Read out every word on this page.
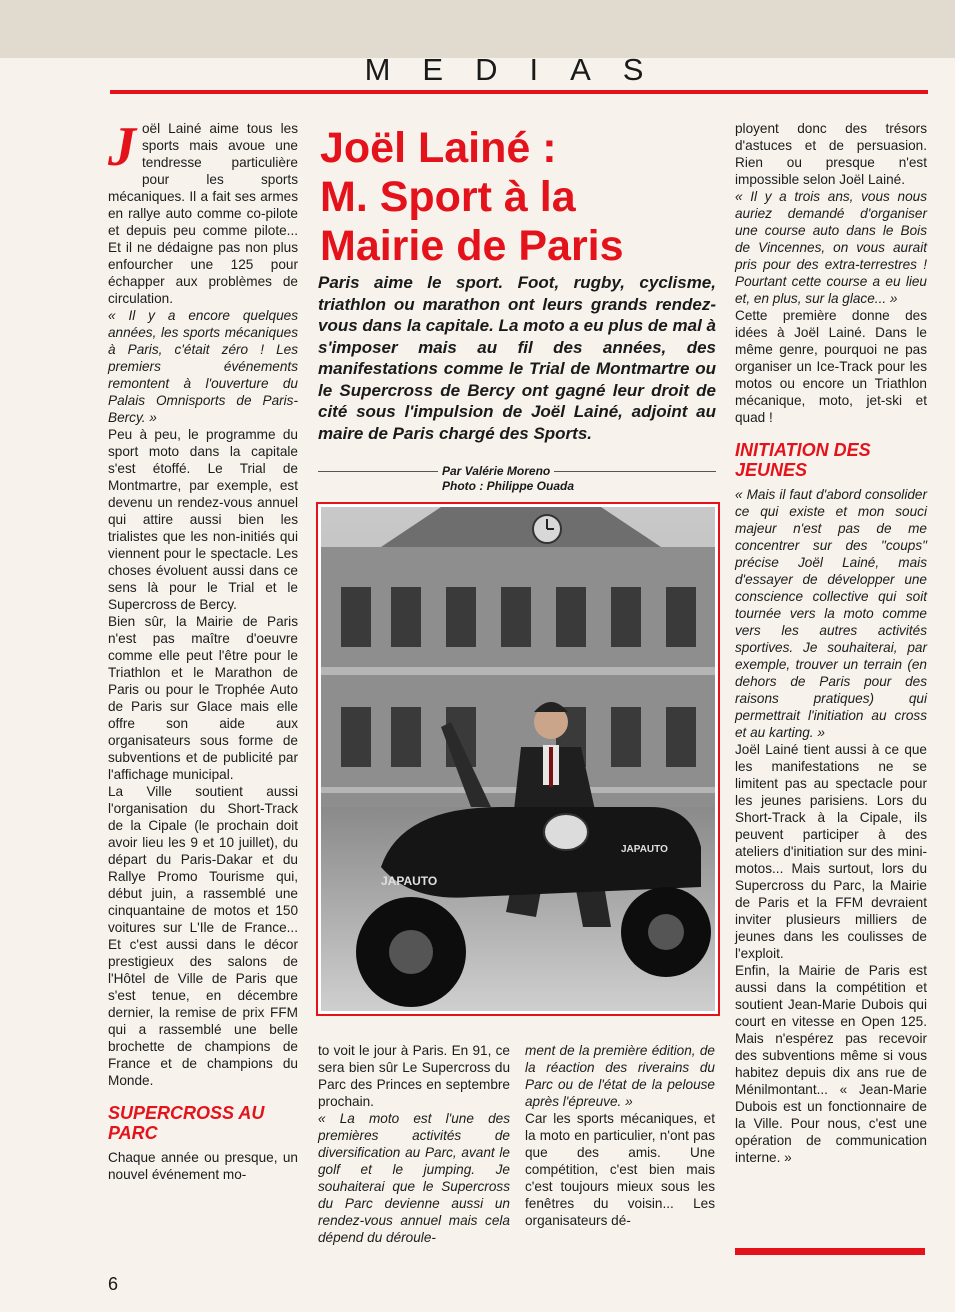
MEDIAS

Joël Lainé aime tous les sports mais avoue une tendresse particulière pour les sports mécaniques. Il a fait ses armes en rallye auto comme co-pilote et depuis peu comme pilote... Et il ne dédaigne pas non plus enfourcher une 125 pour échapper aux problèmes de circulation.

« Il y a encore quelques années, les sports mécaniques à Paris, c'était zéro ! Les premiers événements remontent à l'ouverture du Palais Omnisports de Paris-Bercy. »

Peu à peu, le programme du sport moto dans la capitale s'est étoffé. Le Trial de Montmartre, par exemple, est devenu un rendez-vous annuel qui attire aussi bien les trialistes que les non-initiés qui viennent pour le spectacle. Les choses évoluent aussi dans ce sens là pour le Trial et le Supercross de Bercy.

Bien sûr, la Mairie de Paris n'est pas maître d'oeuvre comme elle peut l'être pour le Triathlon et le Marathon de Paris ou pour le Trophée Auto de Paris sur Glace mais elle offre son aide aux organisateurs sous forme de subventions et de publicité par l'affichage municipal.

La Ville soutient aussi l'organisation du Short-Track de la Cipale (le prochain doit avoir lieu les 9 et 10 juillet), du départ du Paris-Dakar et du Rallye Promo Tourisme qui, début juin, a rassemblé une cinquantaine de motos et 150 voitures sur L'Ile de France... Et c'est aussi dans le décor prestigieux des salons de l'Hôtel de Ville de Paris que s'est tenue, en décembre dernier, la remise de prix FFM qui a rassemblé une belle brochette de champions de France et de champions du Monde.

SUPERCROSS AU PARC

Chaque année ou presque, un nouvel événement mo-

Joël Lainé :
M. Sport à la
Mairie de Paris
Paris aime le sport. Foot, rugby, cyclisme, triathlon ou marathon ont leurs grands rendez-vous dans la capitale. La moto a eu plus de mal à s'imposer mais au fil des années, des manifestations comme le Trial de Montmartre ou le Supercross de Bercy ont gagné leur droit de cité sous l'impulsion de Joël Lainé, adjoint au maire de Paris chargé des Sports.
Par Valérie Moreno
Photo : Philippe Ouada
JAPAUTO
JAPAUTO

to voit le jour à Paris. En 91, ce sera bien sûr Le Supercross du Parc des Princes en septembre prochain.

« La moto est l'une des premières activités de diversification au Parc, avant le golf et le jumping. Je souhaiterai que le Supercross du Parc devienne aussi un rendez-vous annuel mais cela dépend du déroule-

ment de la première édition, de la réaction des riverains du Parc ou de l'état de la pelouse après l'épreuve. »

Car les sports mécaniques, et la moto en particulier, n'ont pas que des amis. Une compétition, c'est bien mais c'est toujours mieux sous les fenêtres du voisin... Les organisateurs dé-

ployent donc des trésors d'astuces et de persuasion. Rien ou presque n'est impossible selon Joël Lainé.

« Il y a trois ans, vous nous auriez demandé d'organiser une course auto dans le Bois de Vincennes, on vous aurait pris pour des extra-terrestres ! Pourtant cette course a eu lieu et, en plus, sur la glace... »

Cette première donne des idées à Joël Lainé. Dans le même genre, pourquoi ne pas organiser un Ice-Track pour les motos ou encore un Triathlon mécanique, moto, jet-ski et quad !

INITIATION DES JEUNES

« Mais il faut d'abord consolider ce qui existe et mon souci majeur n'est pas de me concentrer sur des "coups" précise Joël Lainé, mais d'essayer de développer une conscience collective qui soit tournée vers la moto comme vers les autres activités sportives. Je souhaiterai, par exemple, trouver un terrain (en dehors de Paris pour des raisons pratiques) qui permettrait l'initiation au cross et au karting. »

Joël Lainé tient aussi à ce que les manifestations ne se limitent pas au spectacle pour les jeunes parisiens. Lors du Short-Track à la Cipale, ils peuvent participer à des ateliers d'initiation sur des mini-motos... Mais surtout, lors du Supercross du Parc, la Mairie de Paris et la FFM devraient inviter plusieurs milliers de jeunes dans les coulisses de l'exploit.

Enfin, la Mairie de Paris est aussi dans la compétition et soutient Jean-Marie Dubois qui court en vitesse en Open 125. Mais n'espérez pas recevoir des subventions même si vous habitez depuis dix ans rue de Ménilmontant... « Jean-Marie Dubois est un fonctionnaire de la Ville. Pour nous, c'est une opération de communication interne. »

6
